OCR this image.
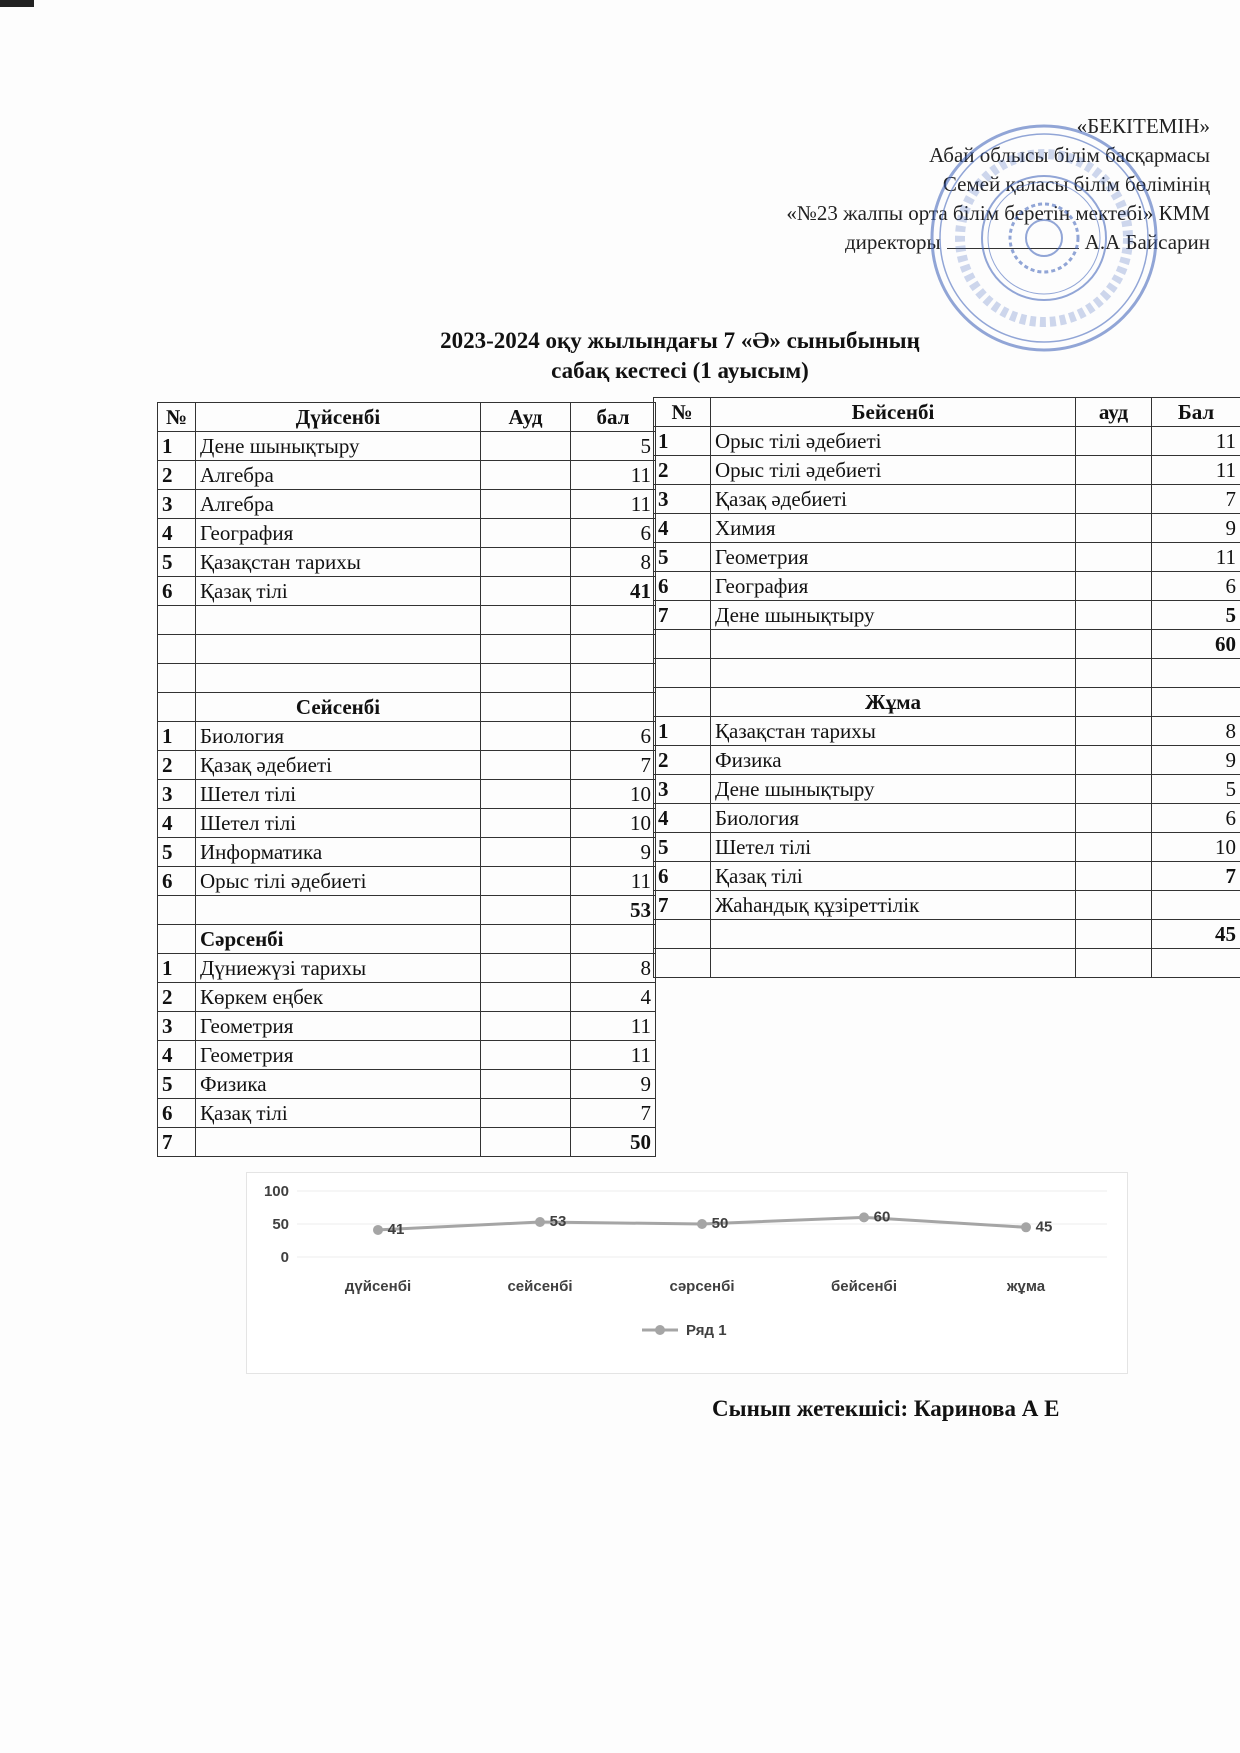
«БЕКІТЕМІН»
Абай облысы білім басқармасы
Семей қаласы білім бөлімінің
«№23 жалпы орта білім беретін мектебі» КММ
директоры	А.А Байсарин
2023-2024 оқу жылындағы 7 «Ә» сыныбының
сабақ кестесі (1 ауысым)
№	Дүйсенбі	Ауд	бал
1	Дене шынықтыру		5
2	Алгебра		11
3	Алгебра		11
4	География		6
5	Қазақстан тарихы		8
6	Қазақ тілі		41

	Сейсенбі		
1	Биология		6
2	Қазақ әдебиеті		7
3	Шетел тілі		10
4	Шетел тілі		10
5	Информатика		9
6	Орыс тілі әдебиеті		11
			53
	Сәрсенбі		
1	Дүниежүзі тарихы		8
2	Көркем еңбек		4
3	Геометрия		11
4	Геометрия		11
5	Физика		9
6	Қазақ тілі		7
7			50
№	Бейсенбі	ауд	Бал
1	Орыс тілі әдебиеті		11
2	Орыс тілі әдебиеті		11
3	Қазақ әдебиеті		7
4	Химия		9
5	Геометрия		11
6	География		6
7	Дене шынықтыру		5
			60

	Жұма		
1	Қазақстан тарихы		8
2	Физика		9
3	Дене шынықтыру		5
4	Биология		6
5	Шетел тілі		10
6	Қазақ тілі		7
7	Жаһандық құзіреттілік		
			45

0
50
100
дүйсенбі	сейсенбі	сәрсенбі	бейсенбі	жұма
41	53	50	60
45
Ряд 1
Сынып жетекшісі: Каринова А Е
